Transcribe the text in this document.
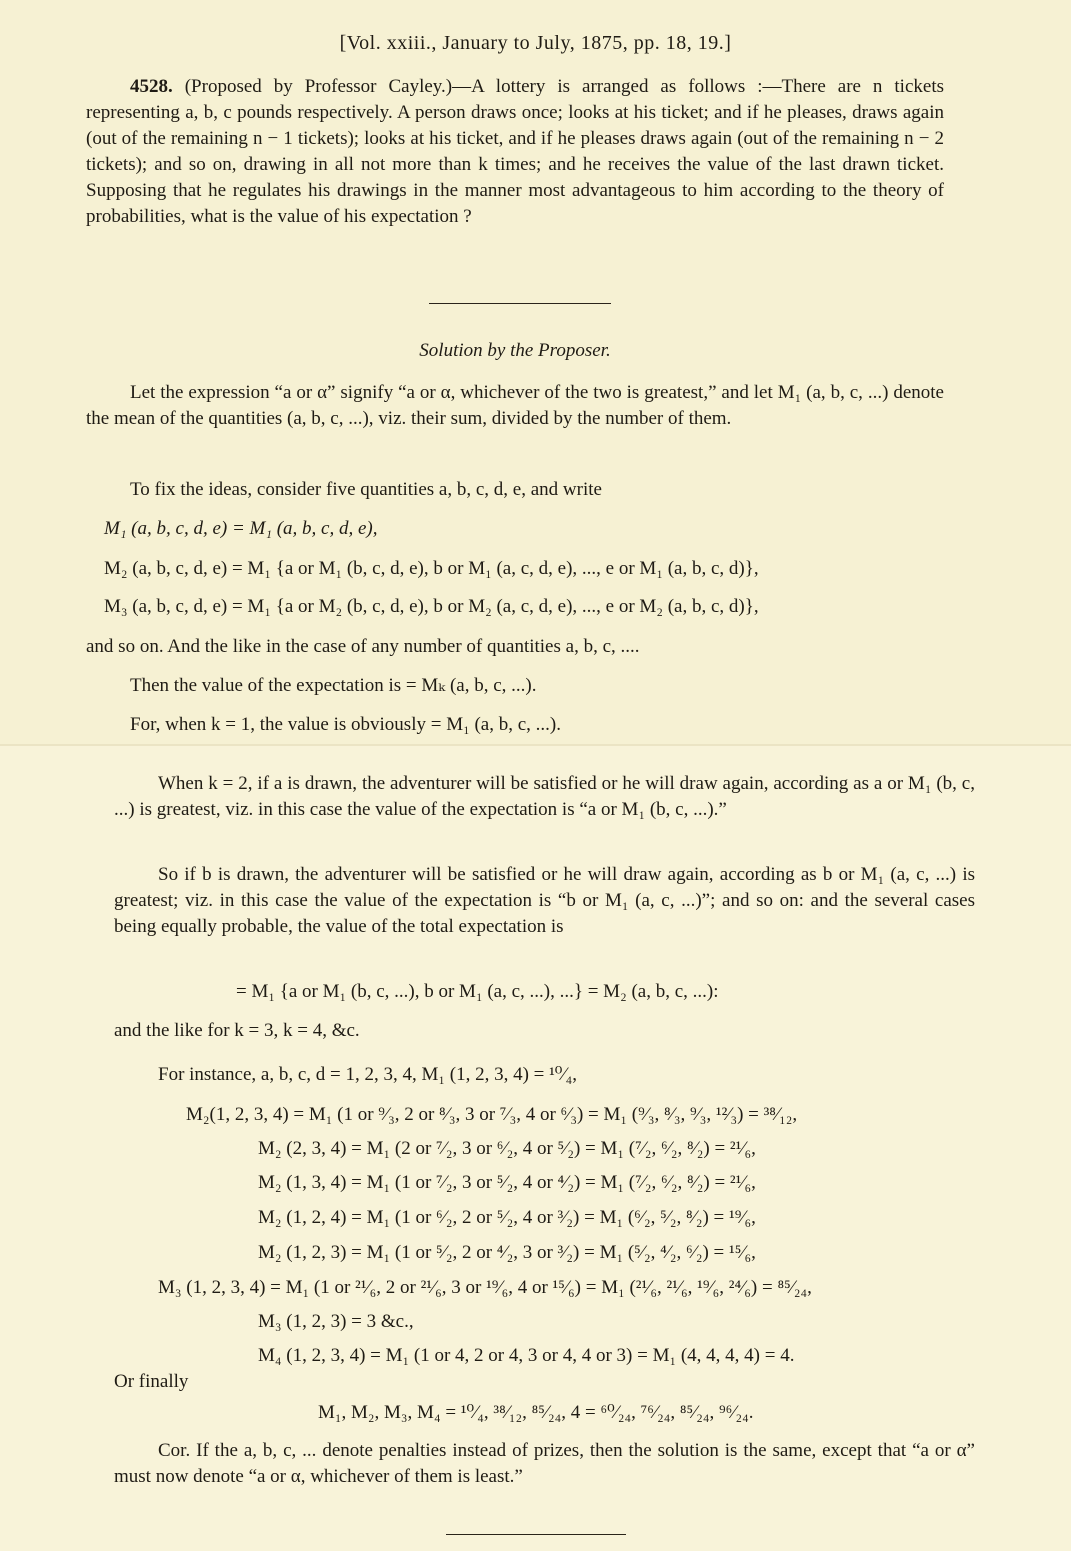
[Vol. xxiii., January to July, 1875, pp. 18, 19.]
4528. (Proposed by Professor Cayley.)—A lottery is arranged as follows :—There are n tickets representing a, b, c pounds respectively. A person draws once; looks at his ticket; and if he pleases, draws again (out of the remaining n − 1 tickets); looks at his ticket, and if he pleases draws again (out of the remaining n − 2 tickets); and so on, drawing in all not more than k times; and he receives the value of the last drawn ticket. Supposing that he regulates his drawings in the manner most advantageous to him according to the theory of probabilities, what is the value of his expectation ?
Solution by the Proposer.
Let the expression “a or α” signify “a or α, whichever of the two is greatest,” and let M₁ (a, b, c, ...) denote the mean of the quantities (a, b, c, ...), viz. their sum, divided by the number of them.
To fix the ideas, consider five quantities a, b, c, d, e, and write
M₁ (a, b, c, d, e) = M₁ (a, b, c, d, e),
M₂ (a, b, c, d, e) = M₁ {a or M₁ (b, c, d, e), b or M₁ (a, c, d, e), ..., e or M₁ (a, b, c, d)},
M₃ (a, b, c, d, e) = M₁ {a or M₂ (b, c, d, e), b or M₂ (a, c, d, e), ..., e or M₂ (a, b, c, d)},
and so on. And the like in the case of any number of quantities a, b, c, ....
Then the value of the expectation is = Mₖ (a, b, c, ...).
For, when k = 1, the value is obviously = M₁ (a, b, c, ...).
When k = 2, if a is drawn, the adventurer will be satisfied or he will draw again, according as a or M₁ (b, c, ...) is greatest, viz. in this case the value of the expectation is “a or M₁ (b, c, ...).”
So if b is drawn, the adventurer will be satisfied or he will draw again, according as b or M₁ (a, c, ...) is greatest; viz. in this case the value of the expectation is “b or M₁ (a, c, ...)”; and so on: and the several cases being equally probable, the value of the total expectation is
= M₁ {a or M₁ (b, c, ...), b or M₁ (a, c, ...), ...} = M₂ (a, b, c, ...):
and the like for k = 3, k = 4, &c.
For instance, a, b, c, d = 1, 2, 3, 4, M₁ (1, 2, 3, 4) = ¹⁰⁄₄,
M₂(1, 2, 3, 4) = M₁ (1 or ⁹⁄₃, 2 or ⁸⁄₃, 3 or ⁷⁄₃, 4 or ⁶⁄₃) = M₁ (⁹⁄₃, ⁸⁄₃, ⁹⁄₃, ¹²⁄₃) = ³⁸⁄₁₂,
M₂ (2, 3, 4) = M₁ (2 or ⁷⁄₂, 3 or ⁶⁄₂, 4 or ⁵⁄₂) = M₁ (⁷⁄₂, ⁶⁄₂, ⁸⁄₂) = ²¹⁄₆,
M₂ (1, 3, 4) = M₁ (1 or ⁷⁄₂, 3 or ⁵⁄₂, 4 or ⁴⁄₂) = M₁ (⁷⁄₂, ⁶⁄₂, ⁸⁄₂) = ²¹⁄₆,
M₂ (1, 2, 4) = M₁ (1 or ⁶⁄₂, 2 or ⁵⁄₂, 4 or ³⁄₂) = M₁ (⁶⁄₂, ⁵⁄₂, ⁸⁄₂) = ¹⁹⁄₆,
M₂ (1, 2, 3) = M₁ (1 or ⁵⁄₂, 2 or ⁴⁄₂, 3 or ³⁄₂) = M₁ (⁵⁄₂, ⁴⁄₂, ⁶⁄₂) = ¹⁵⁄₆,
M₃ (1, 2, 3, 4) = M₁ (1 or ²¹⁄₆, 2 or ²¹⁄₆, 3 or ¹⁹⁄₆, 4 or ¹⁵⁄₆) = M₁ (²¹⁄₆, ²¹⁄₆, ¹⁹⁄₆, ²⁴⁄₆) = ⁸⁵⁄₂₄,
M₃ (1, 2, 3) = 3 &c.,
M₄ (1, 2, 3, 4) = M₁ (1 or 4, 2 or 4, 3 or 4, 4 or 3) = M₁ (4, 4, 4, 4) = 4.
Or finally
M₁, M₂, M₃, M₄ = ¹⁰⁄₄, ³⁸⁄₁₂, ⁸⁵⁄₂₄, 4 = ⁶⁰⁄₂₄, ⁷⁶⁄₂₄, ⁸⁵⁄₂₄, ⁹⁶⁄₂₄.
Cor. If the a, b, c, ... denote penalties instead of prizes, then the solution is the same, except that “a or α” must now denote “a or α, whichever of them is least.”
